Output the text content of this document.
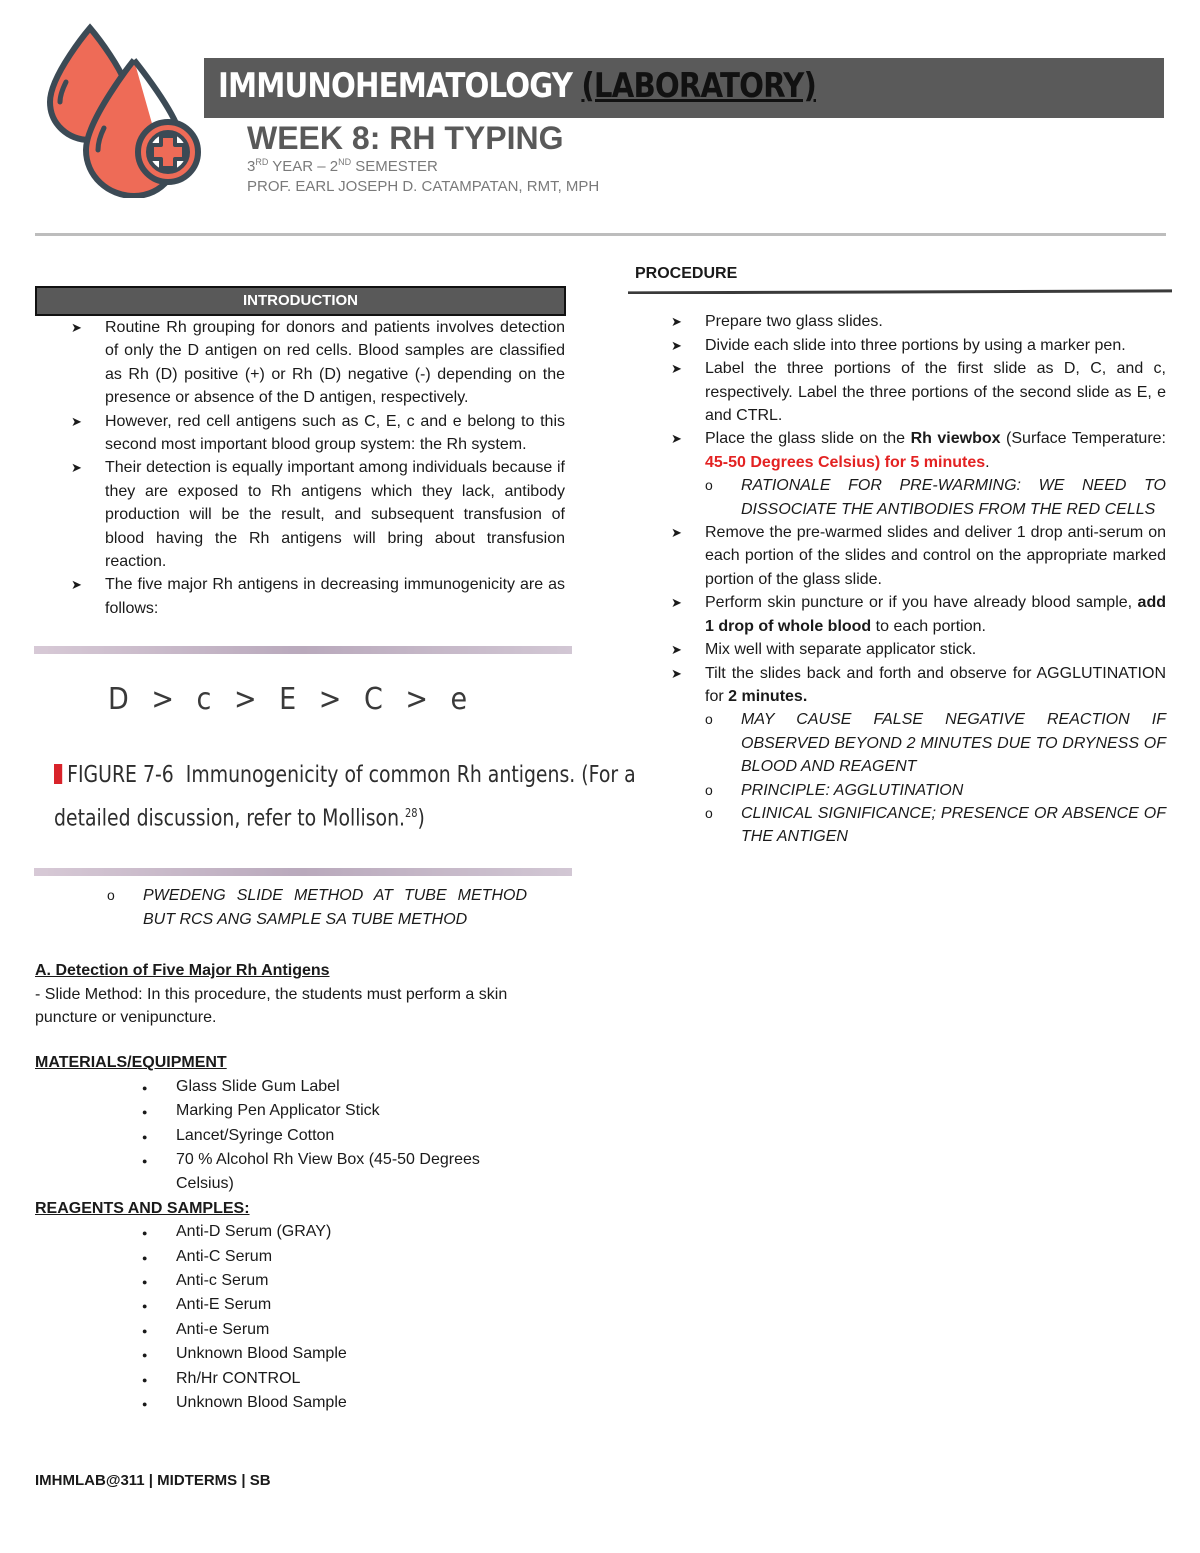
IMMUNOHEMATOLOGY (LABORATORY)
WEEK 8: RH TYPING
3RD YEAR – 2ND SEMESTER
PROF. EARL JOSEPH D. CATAMPATAN, RMT, MPH
INTRODUCTION
➤ Routine Rh grouping for donors and patients involves detection of only the D antigen on red cells. Blood samples are classified as Rh (D) positive (+) or Rh (D) negative (-) depending on the presence or absence of the D antigen, respectively.
➤ However, red cell antigens such as C, E, c and e belong to this second most important blood group system: the Rh system.
➤ Their detection is equally important among individuals because if they are exposed to Rh antigens which they lack, antibody production will be the result, and subsequent transfusion of blood having the Rh antigens will bring about transfusion reaction.
➤ The five major Rh antigens in decreasing immunogenicity are as follows:
D > c > E > C > e
FIGURE 7-6 Immunogenicity of common Rh antigens. (For a
detailed discussion, refer to Mollison.$^{28}$)
o PWEDENG SLIDE METHOD AT TUBE METHOD BUT RCS ANG SAMPLE SA TUBE METHOD
A. Detection of Five Major Rh Antigens
- Slide Method: In this procedure, the students must perform a skin puncture or venipuncture.
MATERIALS/EQUIPMENT
● Glass Slide Gum Label
● Marking Pen Applicator Stick
● Lancet/Syringe Cotton
● 70 % Alcohol Rh View Box (45-50 Degrees Celsius)
REAGENTS AND SAMPLES:
● Anti-D Serum (GRAY)
● Anti-C Serum
● Anti-c Serum
● Anti-E Serum
● Anti-e Serum
● Unknown Blood Sample
● Rh/Hr CONTROL
● Unknown Blood Sample
PROCEDURE
➤ Prepare two glass slides.
➤ Divide each slide into three portions by using a marker pen.
➤ Label the three portions of the first slide as D, C, and c, respectively. Label the three portions of the second slide as E, e and CTRL.
➤ Place the glass slide on the Rh viewbox (Surface Temperature: 45-50 Degrees Celsius) for 5 minutes.
o RATIONALE FOR PRE-WARMING: WE NEED TO DISSOCIATE THE ANTIBODIES FROM THE RED CELLS
➤ Remove the pre-warmed slides and deliver 1 drop anti-serum on each portion of the slides and control on the appropriate marked portion of the glass slide.
➤ Perform skin puncture or if you have already blood sample, add 1 drop of whole blood to each portion.
➤ Mix well with separate applicator stick.
➤ Tilt the slides back and forth and observe for AGGLUTINATION for 2 minutes.
o MAY CAUSE FALSE NEGATIVE REACTION IF OBSERVED BEYOND 2 MINUTES DUE TO DRYNESS OF BLOOD AND REAGENT
o PRINCIPLE: AGGLUTINATION
o CLINICAL SIGNIFICANCE; PRESENCE OR ABSENCE OF THE ANTIGEN
IMHMLAB@311 | MIDTERMS | SB
